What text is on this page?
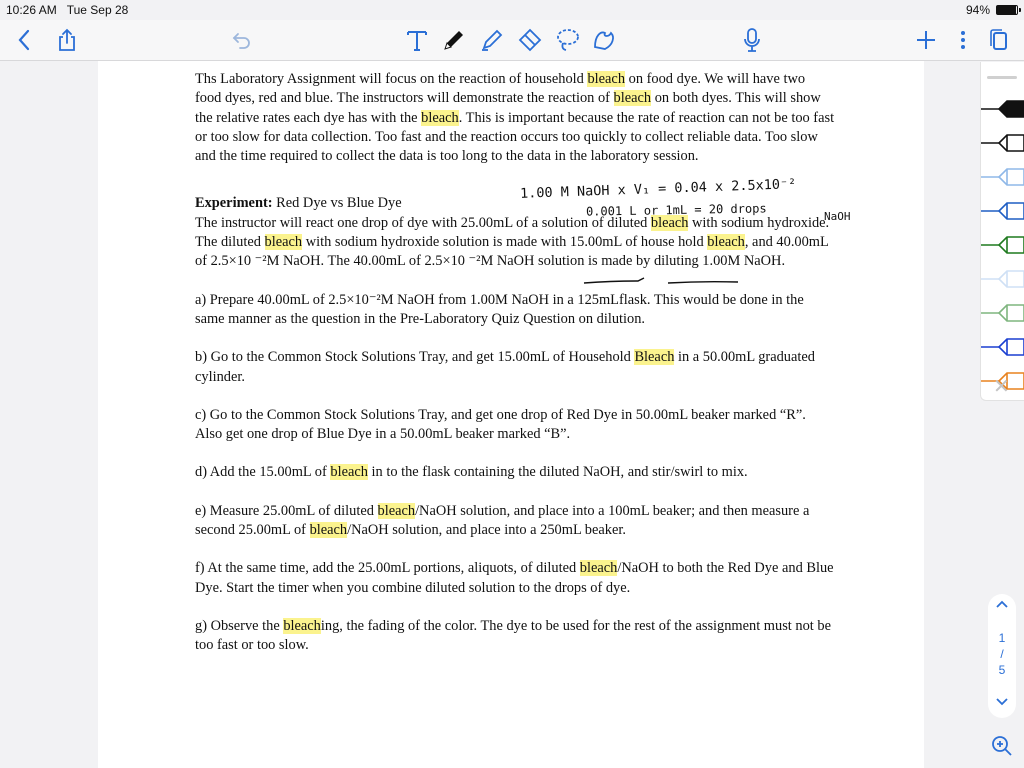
10:26 AM Tue Sep 28	94%

Ths Laboratory Assignment will focus on the reaction of household bleach on food dye. We will have two food dyes, red and blue. The instructors will demonstrate the reaction of bleach on both dyes. This will show the relative rates each dye has with the bleach. This is important because the rate of reaction can not be too fast or too slow for data collection. Too fast and the reaction occurs too quickly to collect reliable data. Too slow and the time required to collect the data is too long to the data in the laboratory session.

Experiment: Red Dye vs Blue Dye
The instructor will react one drop of dye with 25.00mL of a solution of diluted bleach with sodium hydroxide. The diluted bleach with sodium hydroxide solution is made with 15.00mL of house hold bleach, and 40.00mL of 2.5×10 ⁻²M NaOH. The 40.00mL of 2.5×10 ⁻²M NaOH solution is made by diluting 1.00M NaOH.

a) Prepare 40.00mL of 2.5×10⁻²M NaOH from 1.00M NaOH in a 125mLflask. This would be done in the same manner as the question in the Pre-Laboratory Quiz Question on dilution.

b) Go to the Common Stock Solutions Tray, and get 15.00mL of Household Bleach in a 50.00mL graduated cylinder.

c) Go to the Common Stock Solutions Tray, and get one drop of Red Dye in 50.00mL beaker marked “R”. Also get one drop of Blue Dye in a 50.00mL beaker marked “B”.

d) Add the 15.00mL of bleach in to the flask containing the diluted NaOH, and stir/swirl to mix.

e) Measure 25.00mL of diluted bleach/NaOH solution, and place into a 100mL beaker; and then measure a second 25.00mL of bleach/NaOH solution, and place into a 250mL beaker.

f) At the same time, add the 25.00mL portions, aliquots, of diluted bleach/NaOH to both the Red Dye and Blue Dye. Start the timer when you combine diluted solution to the drops of dye.

g) Observe the bleaching, the fading of the color. The dye to be used for the rest of the assignment must not be too fast or too slow.

1.00 M NaOH x V₁ = 0.04 x 2.5x10⁻²
0.001 L or 1mL = 20 drops	NaOH
✕
1
/
5
